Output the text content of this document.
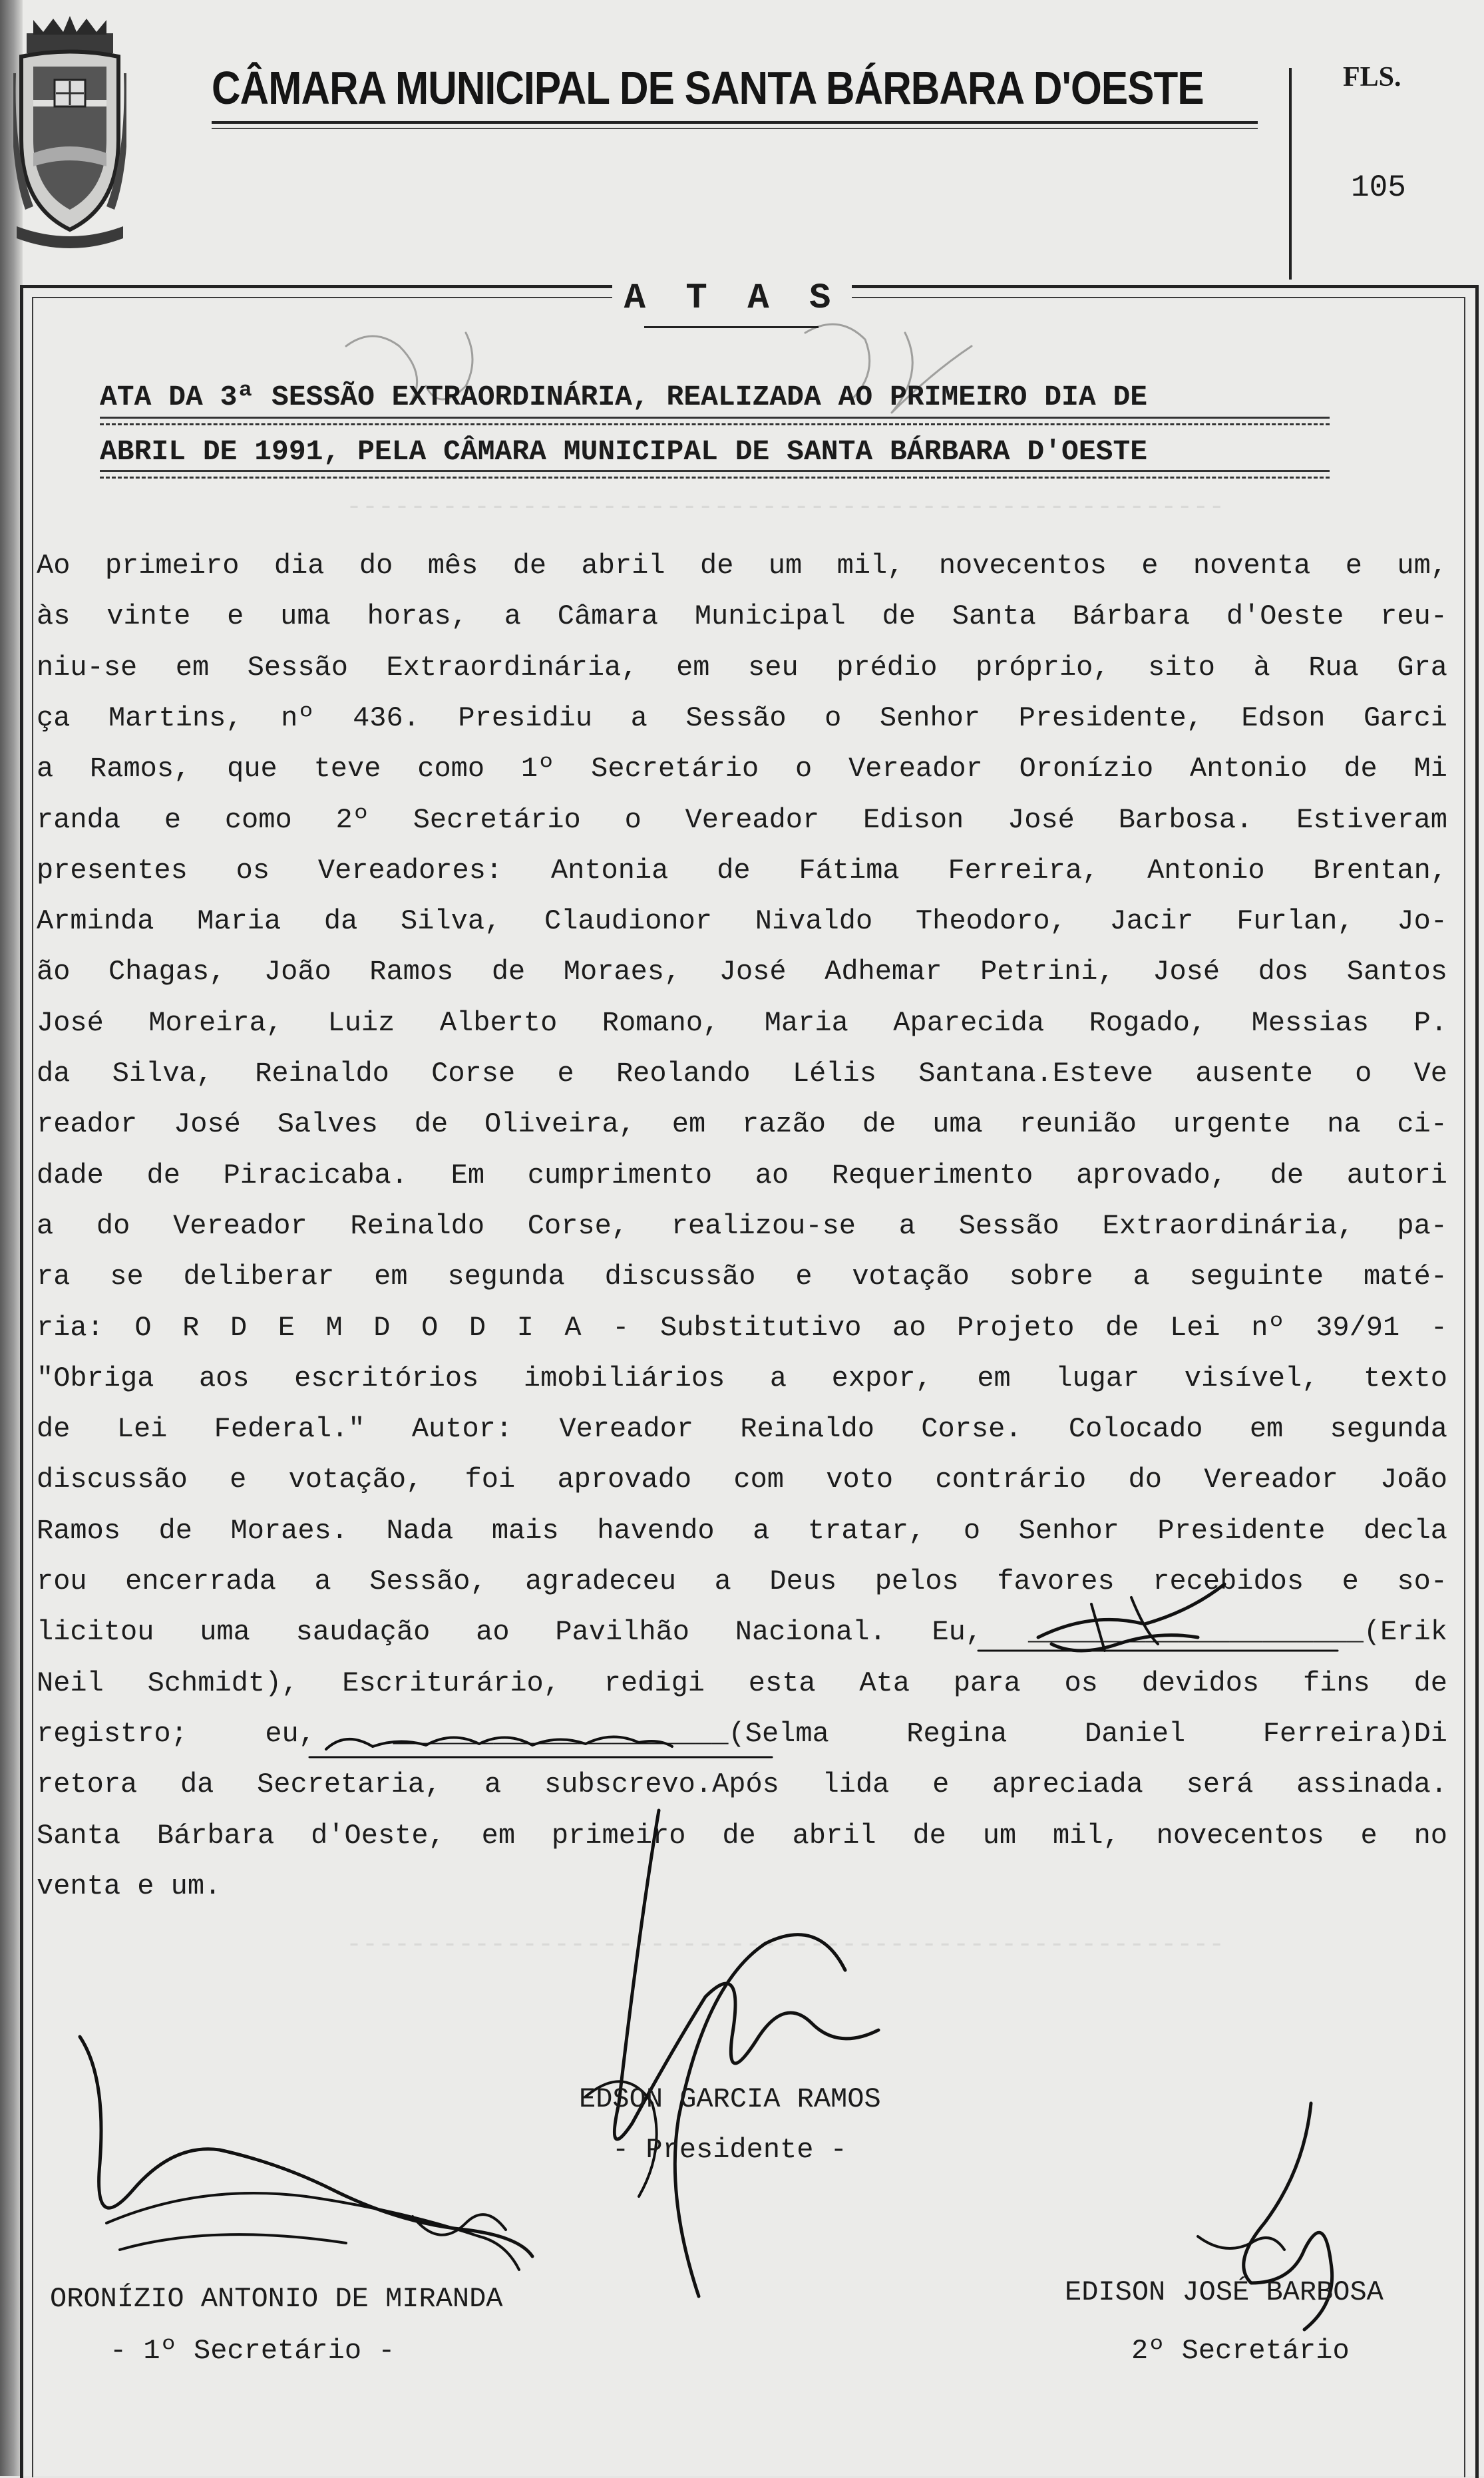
-------------------------------------------------------
-------------------------------------------------------
CÂMARA MUNICIPAL DE SANTA BÁRBARA D'OESTE	FLS.
105
A T A S
ATA DA 3ª SESSÃO EXTRAORDINÁRIA, REALIZADA AO PRIMEIRO DIA DE
ABRIL DE 1991, PELA CÂMARA MUNICIPAL DE SANTA BÁRBARA D'OESTE
Ao primeiro dia do mês de abril de um mil, novecentos e noventa e um,
às vinte e uma horas, a Câmara Municipal de Santa Bárbara d'Oeste reu-
niu-se em Sessão Extraordinária, em seu prédio próprio, sito à Rua Gra
ça Martins, nº 436. Presidiu a Sessão o Senhor Presidente, Edson Garci
a Ramos, que teve como 1º Secretário o Vereador Oronízio Antonio de Mi
randa e como 2º Secretário o Vereador Edison José Barbosa. Estiveram
presentes os Vereadores: Antonia de Fátima Ferreira, Antonio Brentan,
Arminda Maria da Silva, Claudionor Nivaldo Theodoro, Jacir Furlan, Jo-
ão Chagas, João Ramos de Moraes, José Adhemar Petrini, José dos Santos
José Moreira, Luiz Alberto Romano, Maria Aparecida Rogado, Messias P.
da Silva, Reinaldo Corse e Reolando Lélis Santana.Esteve ausente o Ve
reador José Salves de Oliveira, em razão de uma reunião urgente na ci-
dade de Piracicaba. Em cumprimento ao Requerimento aprovado, de autori
a do Vereador Reinaldo Corse, realizou-se a Sessão Extraordinária, pa-
ra se deliberar em segunda discussão e votação sobre a seguinte maté-
ria: O R D E M D O D I A - Substitutivo ao Projeto de Lei nº 39/91 -
"Obriga aos escritórios imobiliários a expor, em lugar visível, texto
de Lei Federal." Autor: Vereador Reinaldo Corse. Colocado em segunda
discussão e votação, foi aprovado com voto contrário do Vereador João
Ramos de Moraes. Nada mais havendo a tratar, o Senhor Presidente decla
rou encerrada a Sessão, agradeceu a Deus pelos favores recebidos e so-
licitou uma saudação ao Pavilhão Nacional. Eu, ____________________(Erik
Neil Schmidt), Escriturário, redigi esta Ata para os devidos fins de
registro; eu, ____________________(Selma Regina Daniel Ferreira)Di
retora da Secretaria, a subscrevo.Após lida e apreciada será assinada.
Santa Bárbara d'Oeste, em primeiro de abril de um mil, novecentos e no
venta e um.
EDSON GARCIA RAMOS
- Presidente -
ORONÍZIO ANTONIO DE MIRANDA
- 1º Secretário -
EDISON JOSÉ BARBOSA
2º Secretário
